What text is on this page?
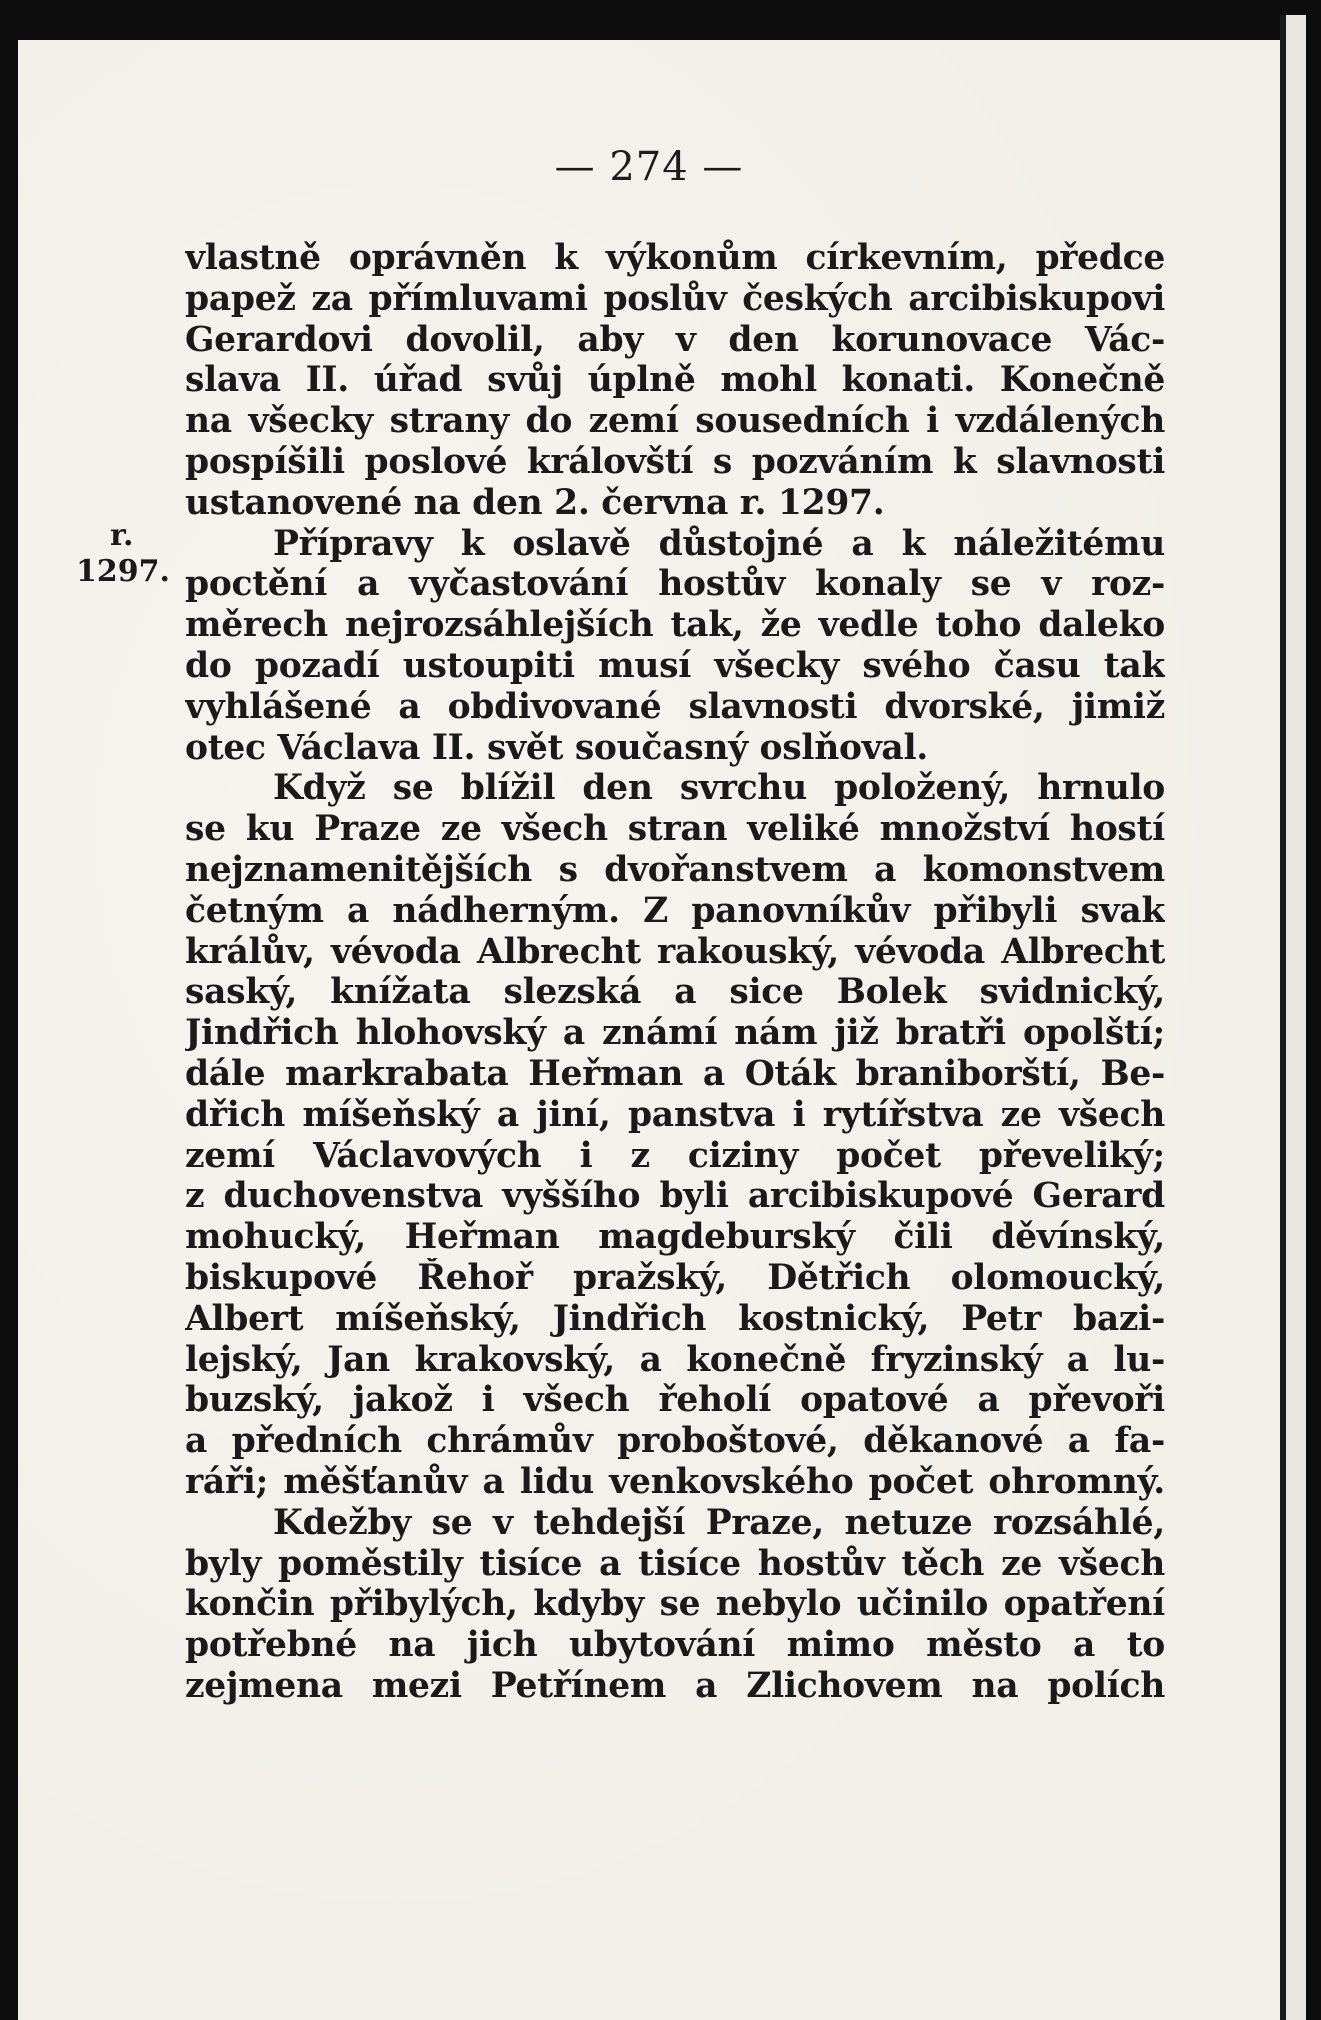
— 274 —
r.
1297.
vlastně oprávněn k výkonům církevním, předce
papež za přímluvami poslův českých arcibiskupovi
Gerardovi dovolil, aby v den korunovace Vác-
slava II. úřad svůj úplně mohl konati. Konečně
na všecky strany do zemí sousedních i vzdálených
pospíšili poslové královští s pozváním k slavnosti
ustanovené na den 2. června r. 1297.
Přípravy k oslavě důstojné a k náležitému
poctění a vyčastování hostův konaly se v roz-
měrech nejrozsáhlejších tak, že vedle toho daleko
do pozadí ustoupiti musí všecky svého času tak
vyhlášené a obdivované slavnosti dvorské, jimiž
otec Václava II. svět současný oslňoval.
Když se blížil den svrchu položený, hrnulo
se ku Praze ze všech stran veliké množství hostí
nejznamenitějších s dvořanstvem a komonstvem
četným a nádherným. Z panovníkův přibyli svak
králův, vévoda Albrecht rakouský, vévoda Albrecht
saský, knížata slezská a sice Bolek svidnický,
Jindřich hlohovský a známí nám již bratři opolští;
dále markrabata Heřman a Oták braniborští, Be-
dřich míšeňský a jiní, panstva i rytířstva ze všech
zemí Václavových i z ciziny počet převeliký;
z duchovenstva vyššího byli arcibiskupové Gerard
mohucký, Heřman magdeburský čili děvínský,
biskupové Řehoř pražský, Dětřich olomoucký,
Albert míšeňský, Jindřich kostnický, Petr bazi-
lejský, Jan krakovský, a konečně fryzinský a lu-
buzský, jakož i všech řeholí opatové a převoři
a předních chrámův proboštové, děkanové a fa-
ráři; měšťanův a lidu venkovského počet ohromný.
Kdežby se v tehdejší Praze, netuze rozsáhlé,
byly poměstily tisíce a tisíce hostův těch ze všech
končin přibylých, kdyby se nebylo učinilo opatření
potřebné na jich ubytování mimo město a to
zejmena mezi Petřínem a Zlichovem na polích
